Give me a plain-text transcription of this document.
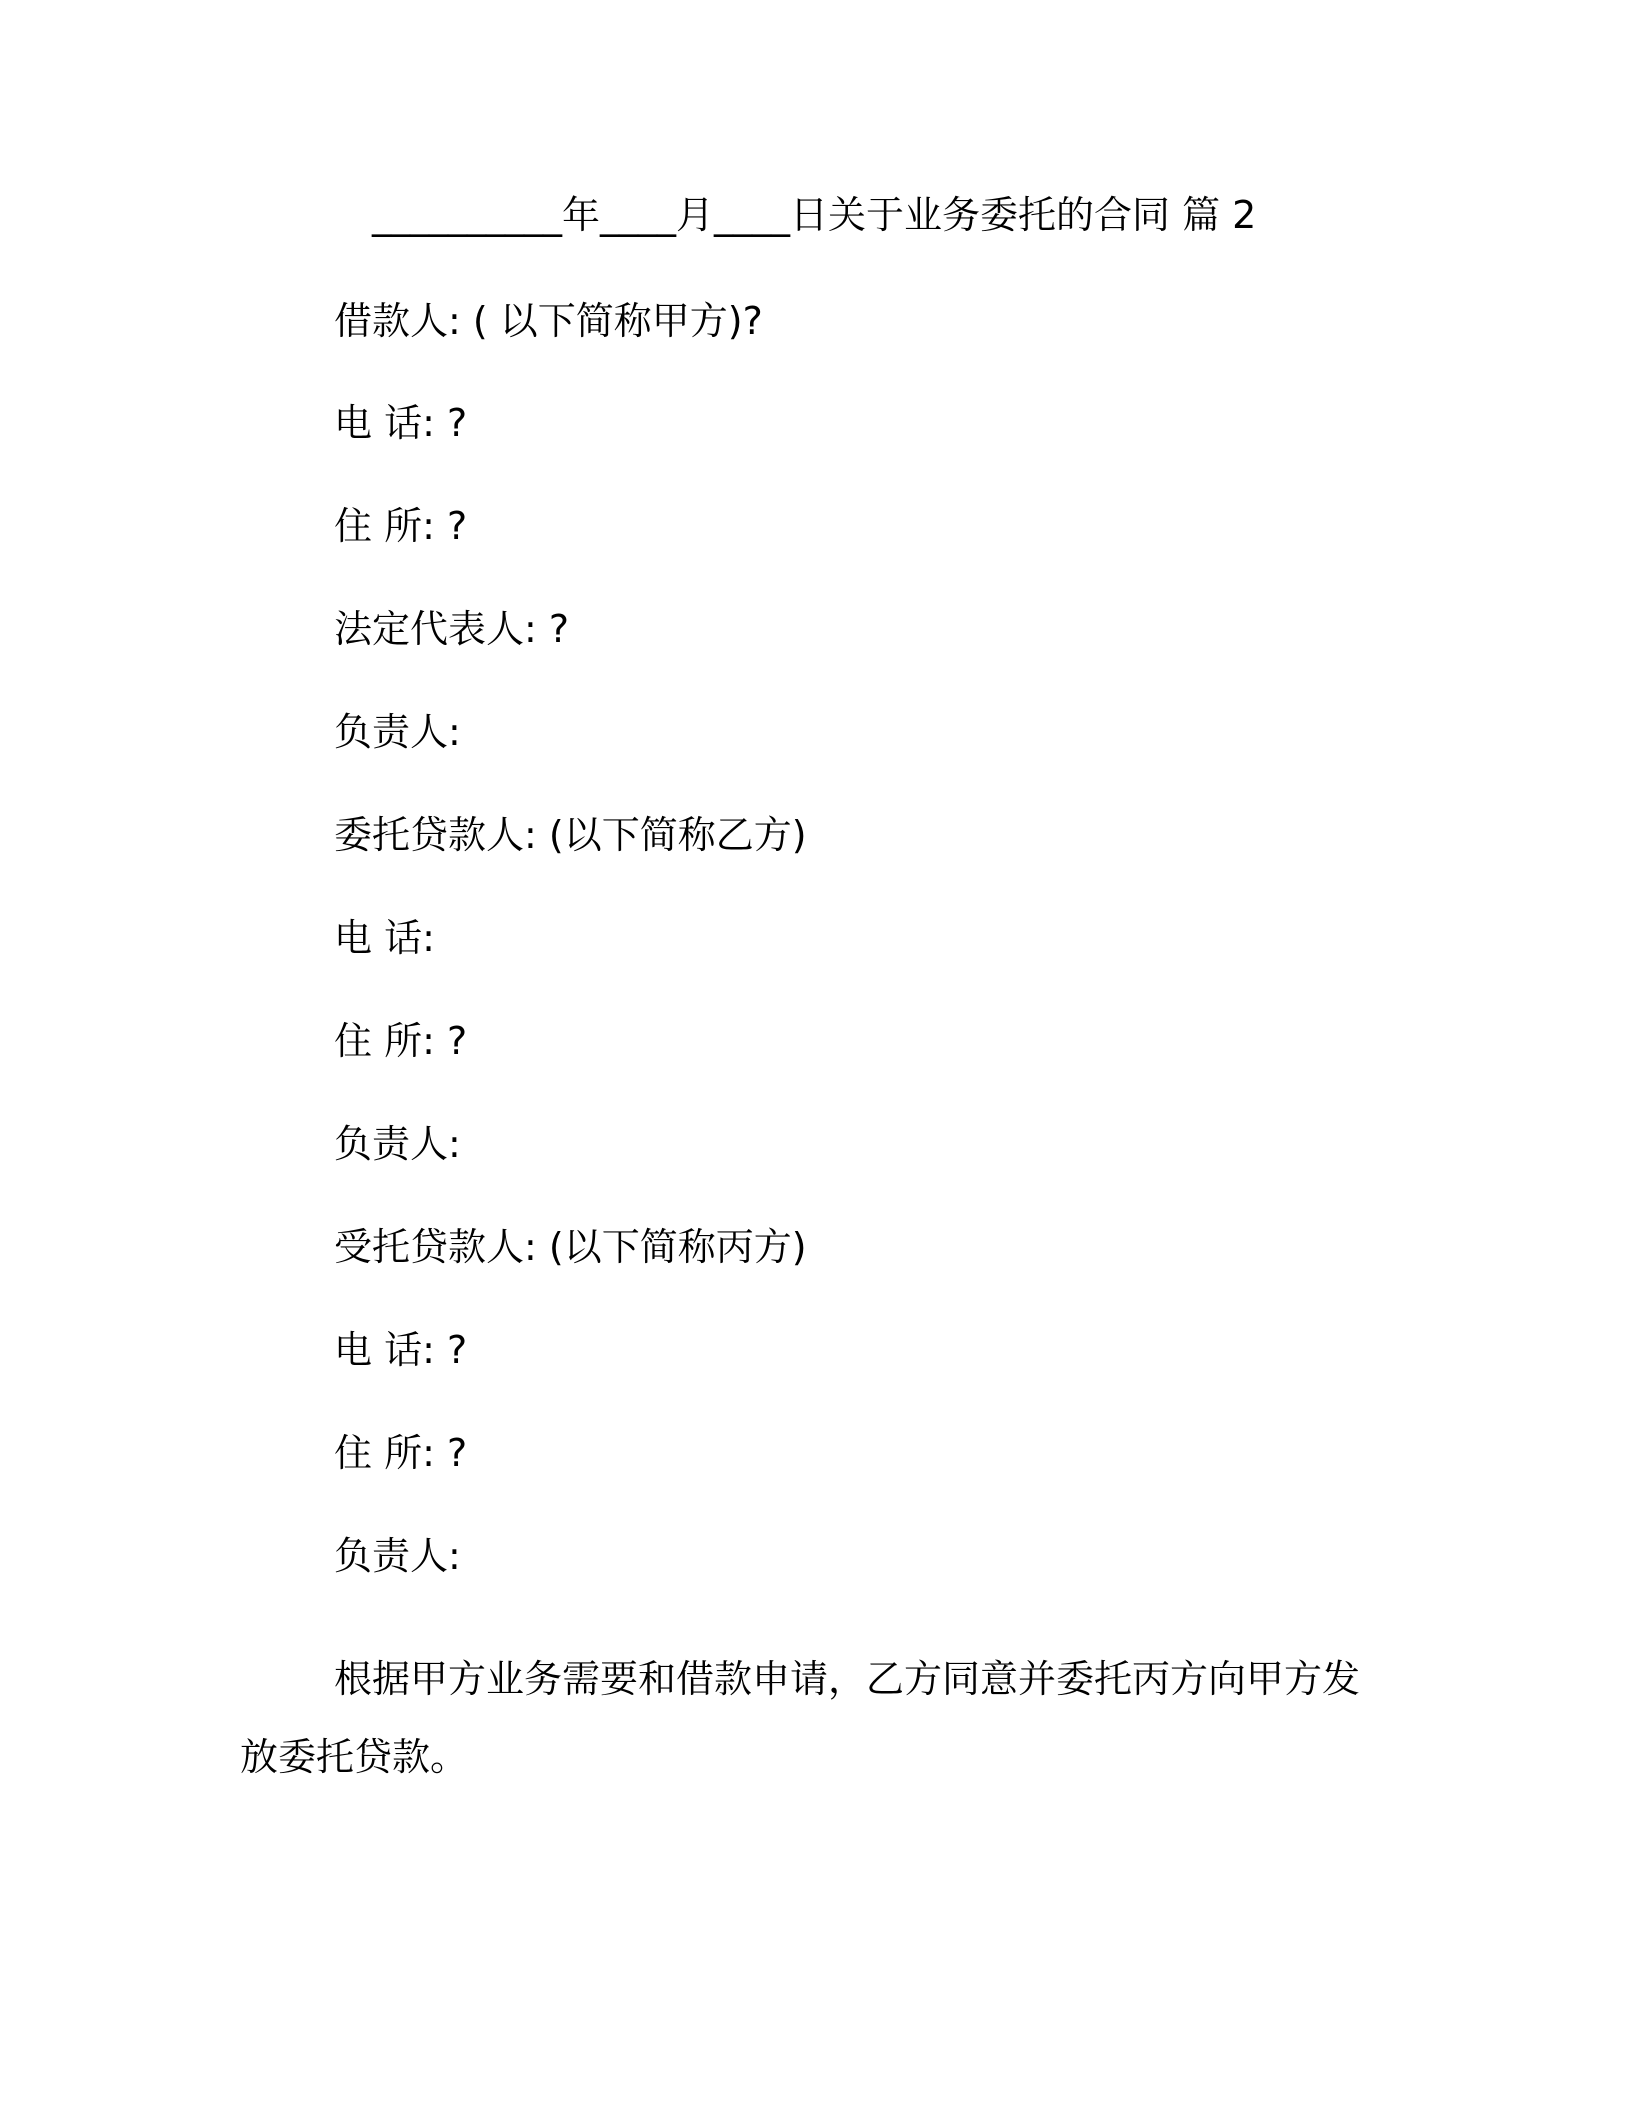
__________年____月____日关于业务委托的合同 篇 2
借款人: ( 以下简称甲方)?
电 话: ?
住 所: ?
法定代表人: ?
负责人:
委托贷款人: (以下简称乙方)
电 话:
住 所: ?
负责人:
受托贷款人: (以下简称丙方)
电 话: ?
住 所: ?
负责人:
根据甲方业务需要和借款申请，乙方同意并委托丙方向甲方发放委托贷款。
